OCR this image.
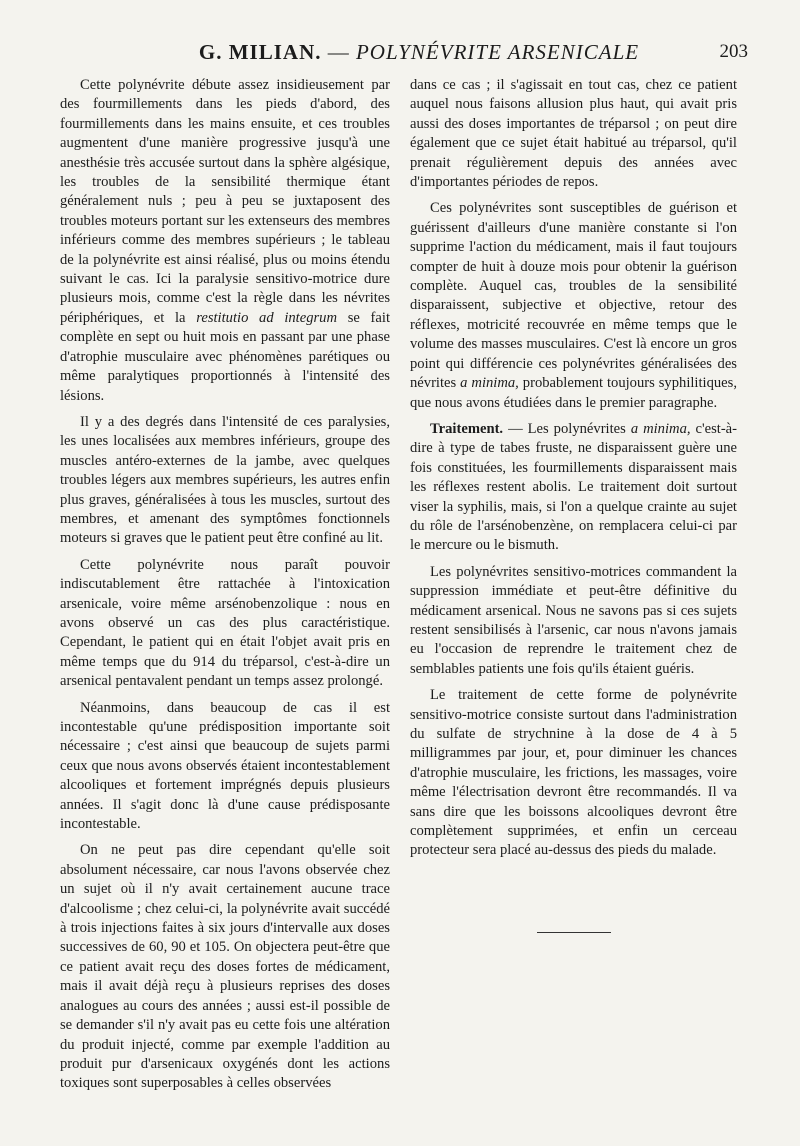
G. MILIAN. — POLYNÉVRITE ARSENICALE	203

Cette polynévrite débute assez insidieusement par des fourmillements dans les pieds d'abord, des fourmillements dans les mains ensuite, et ces troubles augmentent d'une manière progressive jusqu'à une anesthésie très accusée surtout dans la sphère algésique, les troubles de la sensibilité thermique étant généralement nuls ; peu à peu se juxtaposent des troubles moteurs portant sur les extenseurs des membres inférieurs comme des membres supérieurs ; le tableau de la polynévrite est ainsi réalisé, plus ou moins étendu suivant le cas. Ici la paralysie sensitivo-motrice dure plusieurs mois, comme c'est la règle dans les névrites périphériques, et la restitutio ad integrum se fait complète en sept ou huit mois en passant par une phase d'atrophie musculaire avec phénomènes parétiques ou même paralytiques proportionnés à l'intensité des lésions.

Il y a des degrés dans l'intensité de ces paralysies, les unes localisées aux membres inférieurs, groupe des muscles antéro-externes de la jambe, avec quelques troubles légers aux membres supérieurs, les autres enfin plus graves, généralisées à tous les muscles, surtout des membres, et amenant des symptômes fonctionnels moteurs si graves que le patient peut être confiné au lit.

Cette polynévrite nous paraît pouvoir indiscutablement être rattachée à l'intoxication arsenicale, voire même arsénobenzolique : nous en avons observé un cas des plus caractéristique. Cependant, le patient qui en était l'objet avait pris en même temps que du 914 du tréparsol, c'est-à-dire un arsenical pentavalent pendant un temps assez prolongé.

Néanmoins, dans beaucoup de cas il est incontestable qu'une prédisposition importante soit nécessaire ; c'est ainsi que beaucoup de sujets parmi ceux que nous avons observés étaient incontestablement alcooliques et fortement imprégnés depuis plusieurs années. Il s'agit donc là d'une cause prédisposante incontestable.

On ne peut pas dire cependant qu'elle soit absolument nécessaire, car nous l'avons observée chez un sujet où il n'y avait certainement aucune trace d'alcoolisme ; chez celui-ci, la polynévrite avait succédé à trois injections faites à six jours d'intervalle aux doses successives de 60, 90 et 105. On objectera peut-être que ce patient avait reçu des doses fortes de médicament, mais il avait déjà reçu à plusieurs reprises des doses analogues au cours des années ; aussi est-il possible de se demander s'il n'y avait pas eu cette fois une altération du produit injecté, comme par exemple l'addition au produit pur d'arsenicaux oxygénés dont les actions toxiques sont superposables à celles observées

dans ce cas ; il s'agissait en tout cas, chez ce patient auquel nous faisons allusion plus haut, qui avait pris aussi des doses importantes de tréparsol ; on peut dire également que ce sujet était habitué au tréparsol, qu'il prenait régulièrement depuis des années avec d'importantes périodes de repos.

Ces polynévrites sont susceptibles de guérison et guérissent d'ailleurs d'une manière constante si l'on supprime l'action du médicament, mais il faut toujours compter de huit à douze mois pour obtenir la guérison complète. Auquel cas, troubles de la sensibilité disparaissent, subjective et objective, retour des réflexes, motricité recouvrée en même temps que le volume des masses musculaires. C'est là encore un gros point qui différencie ces polynévrites généralisées des névrites a minima, probablement toujours syphilitiques, que nous avons étudiées dans le premier paragraphe.

Traitement. — Les polynévrites a minima, c'est-à-dire à type de tabes fruste, ne disparaissent guère une fois constituées, les fourmillements disparaissent mais les réflexes restent abolis. Le traitement doit surtout viser la syphilis, mais, si l'on a quelque crainte au sujet du rôle de l'arsénobenzène, on remplacera celui-ci par le mercure ou le bismuth.

Les polynévrites sensitivo-motrices commandent la suppression immédiate et peut-être définitive du médicament arsenical. Nous ne savons pas si ces sujets restent sensibilisés à l'arsenic, car nous n'avons jamais eu l'occasion de reprendre le traitement chez de semblables patients une fois qu'ils étaient guéris.

Le traitement de cette forme de polynévrite sensitivo-motrice consiste surtout dans l'administration du sulfate de strychnine à la dose de 4 à 5 milligrammes par jour, et, pour diminuer les chances d'atrophie musculaire, les frictions, les massages, voire même l'électrisation devront être recommandés. Il va sans dire que les boissons alcooliques devront être complètement supprimées, et enfin un cerceau protecteur sera placé au-dessus des pieds du malade.
